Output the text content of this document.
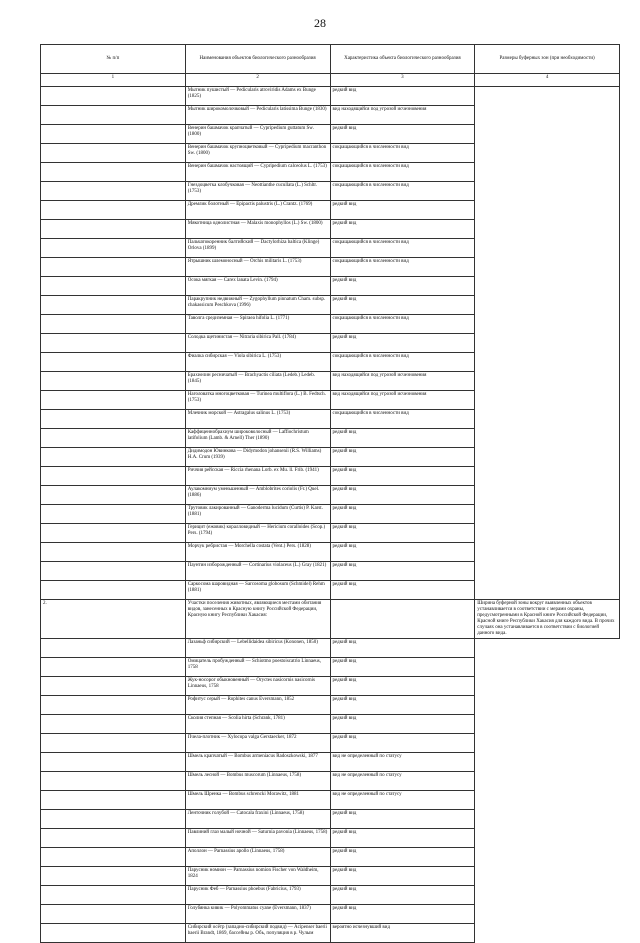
28
№ п/п	Наименования объектов биологического разнообразия	Характеристика объекта биологического разнообразия	Размеры буферных зон (при необходимости)
1	2	3	4
	Мытник пушистый — Pedicularis atroviridis Adams ex Bunge (1825)	редкий вид	
	Мытник широкомолочковый — Pedicularis latissima Bunge (1830)	вид находящийся под угрозой исчезновения	
	Венерин башмачок крапчатый — Cypripedium guttatum Sw. (1800)	редкий вид	
	Венерин башмачок крупноцветковый — Cypripedium macranthon Sw. (1800)	сокращающийся в численности вид	
	Венерин башмачок настоящий — Cypripedium calceolus L. (1753)	сокращающийся в численности вид	
	Гнездоцветка клобучковая — Neottianthe cucullata (L.) Schltr. (1753)	сокращающийся в численности вид	
	Дремлик болотный — Epipactis palustris (L.) Crantz. (1769)	редкий вид	
	Мякотница однолистная — Malaxis monophyllos (L.) Sw. (1800)	редкий вид	
	Пальчатокоренник балтийский — Dactylorhiza baltica (Klinge) Orlova (1899)	сокращающийся в численности вид	
	Ятрышник шлемоносный — Orchis militaris L. (1753)	сокращающийся в численности вид	
	Осока мягкая — Carex lanata Levin. (1794)	редкий вид	
	Паракрупник недвижный — Zygophyllum pinnatum Cham. subsp. chakassicum Peschkova (1996)	редкий вид	
	Таволга средиземная — Spiraea hifolia L. (1771)	сокращающийся в численности вид	
	Солодка щетинистая — Nitraria sibirica Pall. (1784)	редкий вид	
	Фиалка сибирская — Viola sibirica L. (1753)	сокращающийся в численности вид	
	Брахиелин ресничатый — Brachyactis ciliata (Ledeb.) Ledeb. (1845)	вид находящийся под угрозой исчезновения	
	Наголоватка многоцветковая — Turinea multiflora (L.) B. Fedtsch. (1753)	вид находящийся под угрозой исчезновения	
	Млечник морской — Astragalus salinus L. (1753)	сокращающийся в численности вид	
	Каффиценнобрахиум широковолосный — Laffiochristum latifolium (Lamb. & Arnell) Ther (1890)	редкий вид	
	Дидимодон Ювинкова — Didymodon johansenii (R.S. Williams) H.A. Crum (1939)	редкий вид	
	Риччия рейсская — Riccia rhenana Lorb. ex Mu. ll. Frib. (1941)	редкий вид	
	Аулакомниум уменьшенный — Amblobrites coriolis (Fr.) Quel. (1886)	редкий вид	
	Трутовик лакированный — Ganoderma lucidum (Curtis) P. Karst. (1881)	редкий вид	
	Герицит (ежовик) коралловидный — Hericium coralloides (Scop.) Pers. (1794)	редкий вид	
	Морчук ребристая — Morchella costata (Vent.) Pers. (1828)	редкий вид	
	Паунтин изборожденный — Cortinarius violaceus (L.) Gray (1821)	редкий вид	
	Саркосома шаровидная — Sarcosoma globosum (Schmidel) Rehm (1881)	редкий вид	
2.	Участки поселения животных, являющиеся местами обитания видов, занесенных в Красную книгу Российской Федерации, Красную книгу Республики Хакасия:		Ширина буферной зоны вокруг выявленных объектов устанавливается в соответствии с мерами охраны, предусмотренными в Красной книге Российской Федерации, Красной книге Республики Хакасия для каждого вида. В прочих случаях она устанавливается в соответствии с биологией данного вида.
	Лазаньф сибирский — Lebellidaidea sibiricus (Kononen, 1850)	редкий вид	
	Омицатель пробужденный — Schiotmo poestoiscatrio Linnaeus, 1758	редкий вид	
	Жук-носорог обыкновенный — Oryctes nasicornis nasicornis Linnaeus, 1758	редкий вид	
	Рофитус серый — Rophites canus Eversmann, 1852	редкий вид	
	Сколия степная — Scolia hirta (Schrank, 1781)	редкий вид	
	Пчела-плотник — Xylocopa valga Gerstaecker, 1872	редкий вид	
	Шмель крапчатый — Bombus armeniacus Radoszkowski, 1877	вид не определенный по статусу	
	Шмель лесной — Bombus muscorum (Linnaeus, 1758)	вид не определенный по статусу	
	Шмель Шренка — Bombus schrencki Morawitz, 1881	вид не определенный по статусу	
	Ленточник голубой — Catocala fraxini (Linnaeus, 1758)	редкий вид	
	Павлиний глаз малый ночной — Saturnia pavonia (Linnaeus, 1758)	редкий вид	
	Аполлон — Parnassius apollo (Linnaeus, 1758)	редкий вид	
	Парусник номион — Parnassius nomion Fischer von Waldheim, 1824	редкий вид	
	Парусник Феб — Parnassius phoebus (Fabricius, 1793)	редкий вид	
	Голубянка кивик — Polyommatus cyane (Eversmann, 1837)	редкий вид	
	Сибирский осётр (западно-сибирский подвид) — Acipenser baerii baerii Brandt, 1869, бассейны р. Обь, популяция в р. Чулым	вероятно исчезнувший вид	
